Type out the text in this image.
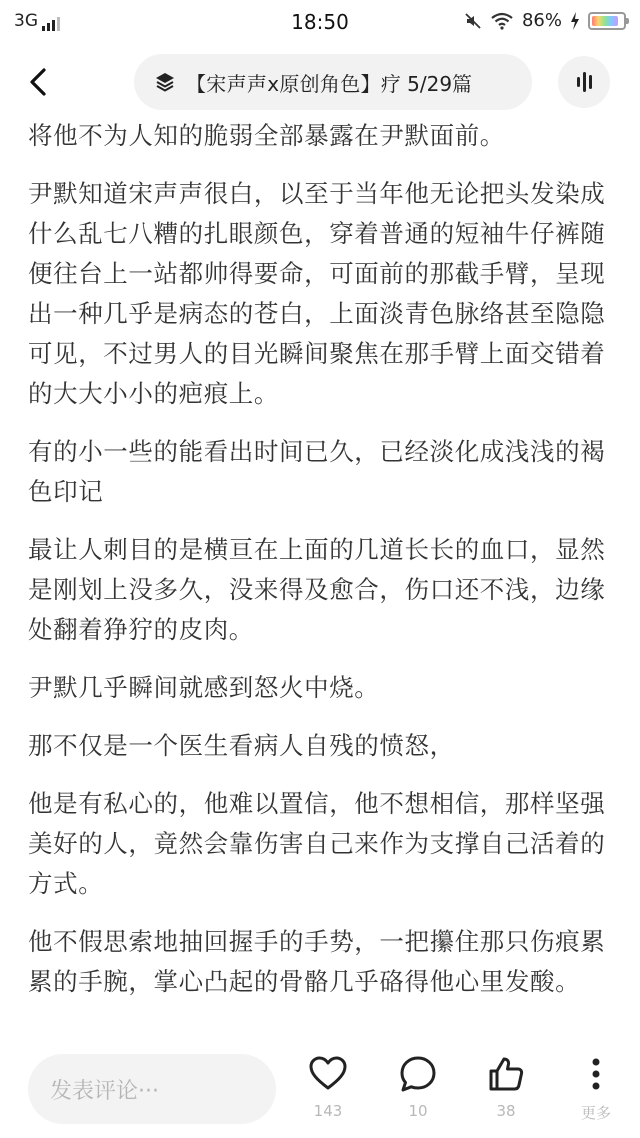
3G	18:50	86%
【宋声声x原创角色】疗 5/29篇

将他不为人知的脆弱全部暴露在尹默面前。

尹默知道宋声声很白，以至于当年他无论把头发染成什么乱七八糟的扎眼颜色，穿着普通的短袖牛仔裤随便往台上一站都帅得要命，可面前的那截手臂，呈现出一种几乎是病态的苍白，上面淡青色脉络甚至隐隐可见，不过男人的目光瞬间聚焦在那手臂上面交错着的大大小小的疤痕上。

有的小一些的能看出时间已久，已经淡化成浅浅的褐色印记

最让人刺目的是横亘在上面的几道长长的血口，显然是刚划上没多久，没来得及愈合，伤口还不浅，边缘处翻着狰狞的皮肉。

尹默几乎瞬间就感到怒火中烧。

那不仅是一个医生看病人自残的愤怒，

他是有私心的，他难以置信，他不想相信，那样坚强美好的人，竟然会靠伤害自己来作为支撑自己活着的方式。

他不假思索地抽回握手的手势，一把攥住那只伤痕累累的手腕，掌心凸起的骨骼几乎硌得他心里发酸。

发表评论···
143	10	38	更多
